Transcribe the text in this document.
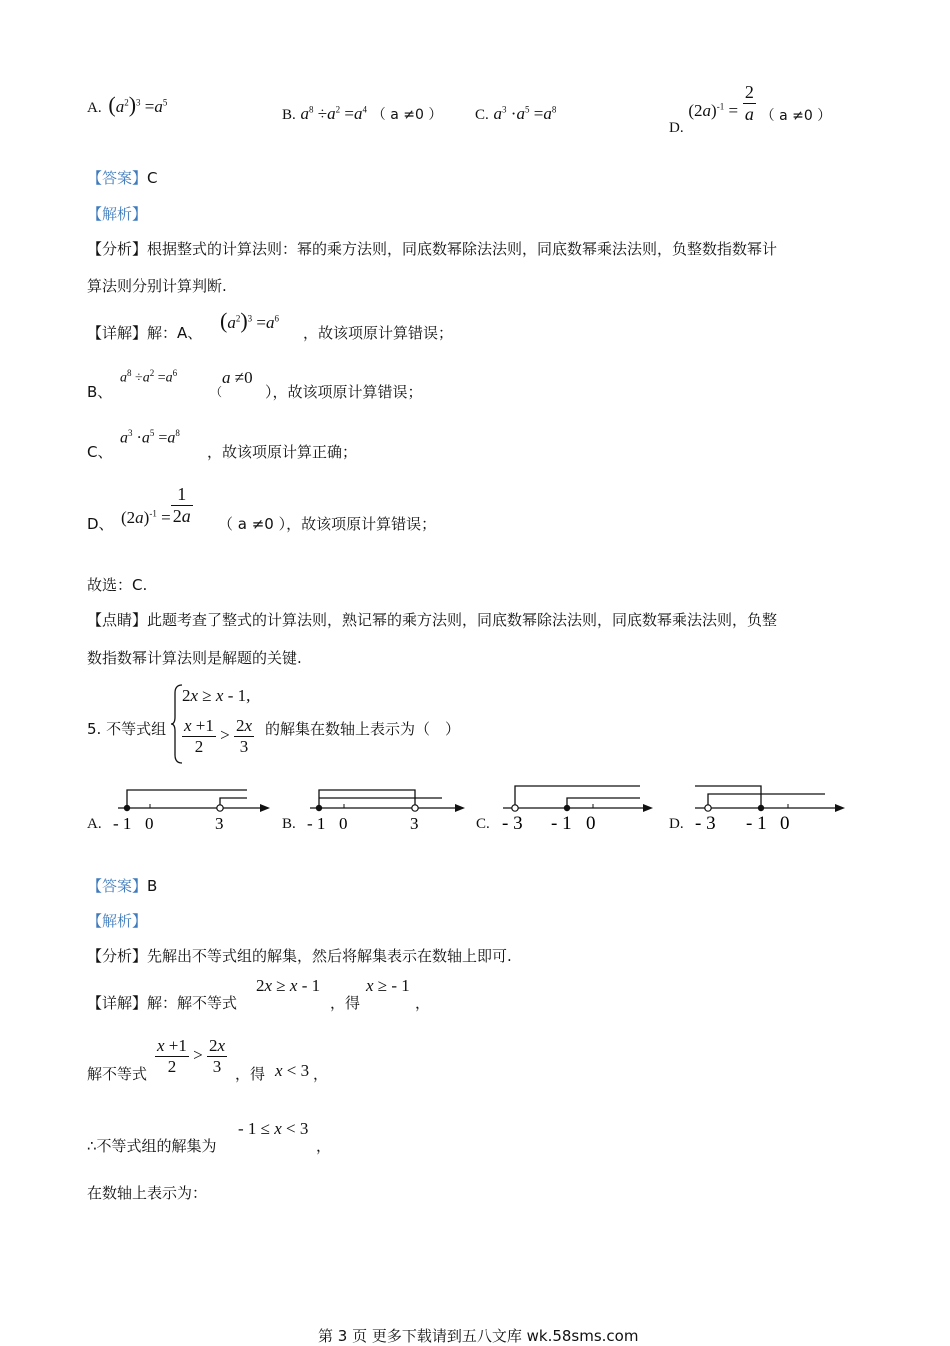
A. $(a^2)^3 =a^5$
B. $a^8 \div a^2 =a^4$ （ a ≠0 ） C. $a^3 \cdot a^5 =a^8$
D. $(2a)^{-1} = \frac{2}{a}$ （ a ≠0 ）
【答案】C
【解析】
【分析】根据整式的计算法则：幂的乘方法则，同底数幂除法法则，同底数幂乘法法则，负整数指数幂计
算法则分别计算判断.
【详解】解：A、 $(a^2)^3 =a^6$
，故该项原计算错误；
B、
$a^8 \div a^2 =a^6$
（
a ≠0
），故该项原计算错误；
C、
$a^3 \cdot a^5 =a^8$
，故该项原计算正确；
D、 $(2a)^{-1} = \frac{1}{2a}$ （ a ≠0 ），故该项原计算错误；
故选：C.
【点睛】此题考查了整式的计算法则，熟记幂的乘方法则，同底数幂除法法则，同底数幂乘法法则，负整
数指数幂计算法则是解题的关键.
5. 不等式组
2x ≥ x - 1,
$\frac{x +1}{2} > \frac{2x}{3}$ 的解集在数轴上表示为（　）
A. - 1 0	3	B. - 1 0	3	C. - 3 - 1 0	D. - 3 - 1 0
【答案】B
【解析】
【分析】先解出不等式组的解集，然后将解集表示在数轴上即可.
【详解】解：解不等式
2x ≥ x - 1
，得
x ≥ - 1
，
解不等式 $\frac{x +1}{2} > \frac{2x}{3}$ ，得 x < 3 ，
∴不等式组的解集为
- 1 ≤ x < 3
，
在数轴上表示为：
第 3 页 更多下载请到五八文库 wk.58sms.com
